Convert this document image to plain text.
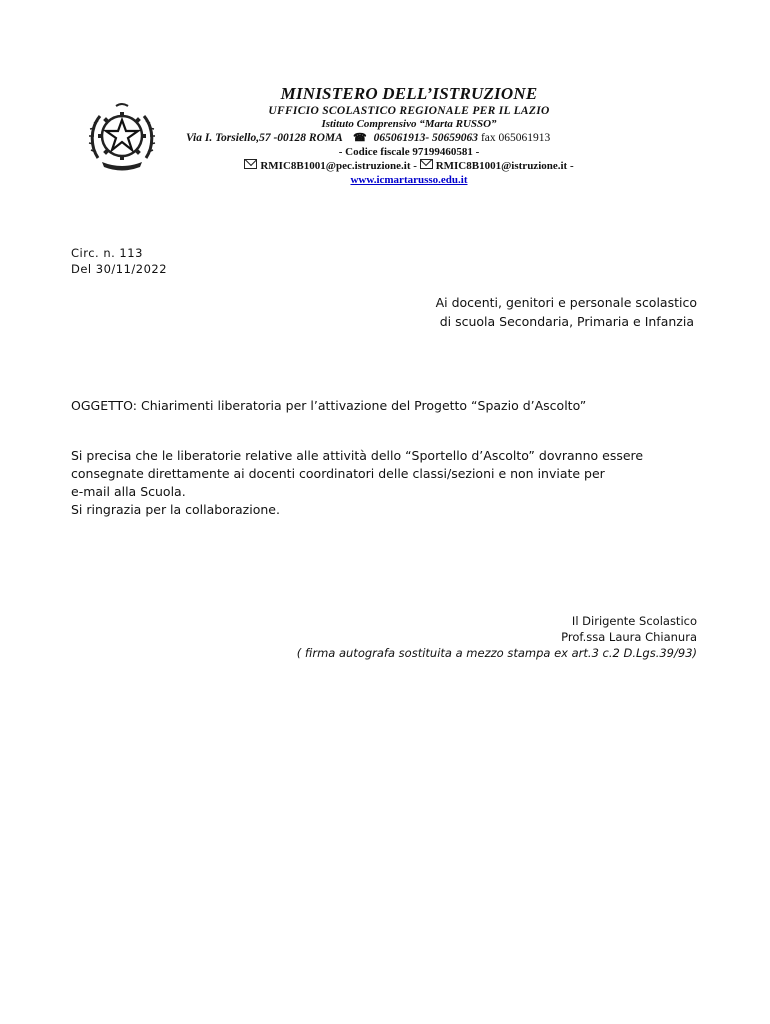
MINISTERO DELL’ISTRUZIONE
UFFICIO SCOLASTICO REGIONALE PER IL LAZIO
Istituto Comprensivo “Marta RUSSO”
Via I. Torsiello,57 -00128 ROMA ☎ 065061913- 50659063 fax 065061913
- Codice fiscale 97199460581 -
RMIC8B1001@pec.istruzione.it - RMIC8B1001@istruzione.it -
www.icmartarusso.edu.it
Circ. n. 113
Del 30/11/2022
Ai docenti, genitori e personale scolastico
di scuola Secondaria, Primaria e Infanzia
OGGETTO: Chiarimenti liberatoria per l’attivazione del Progetto “Spazio d’Ascolto”
Si precisa che le liberatorie relative alle attività dello “Sportello d’Ascolto” dovranno essere
consegnate direttamente ai docenti coordinatori delle classi/sezioni e non inviate per
e-mail alla Scuola.
Si ringrazia per la collaborazione.
Il Dirigente Scolastico
Prof.ssa Laura Chianura
( firma autografa sostituita a mezzo stampa ex art.3 c.2 D.Lgs.39/93)
